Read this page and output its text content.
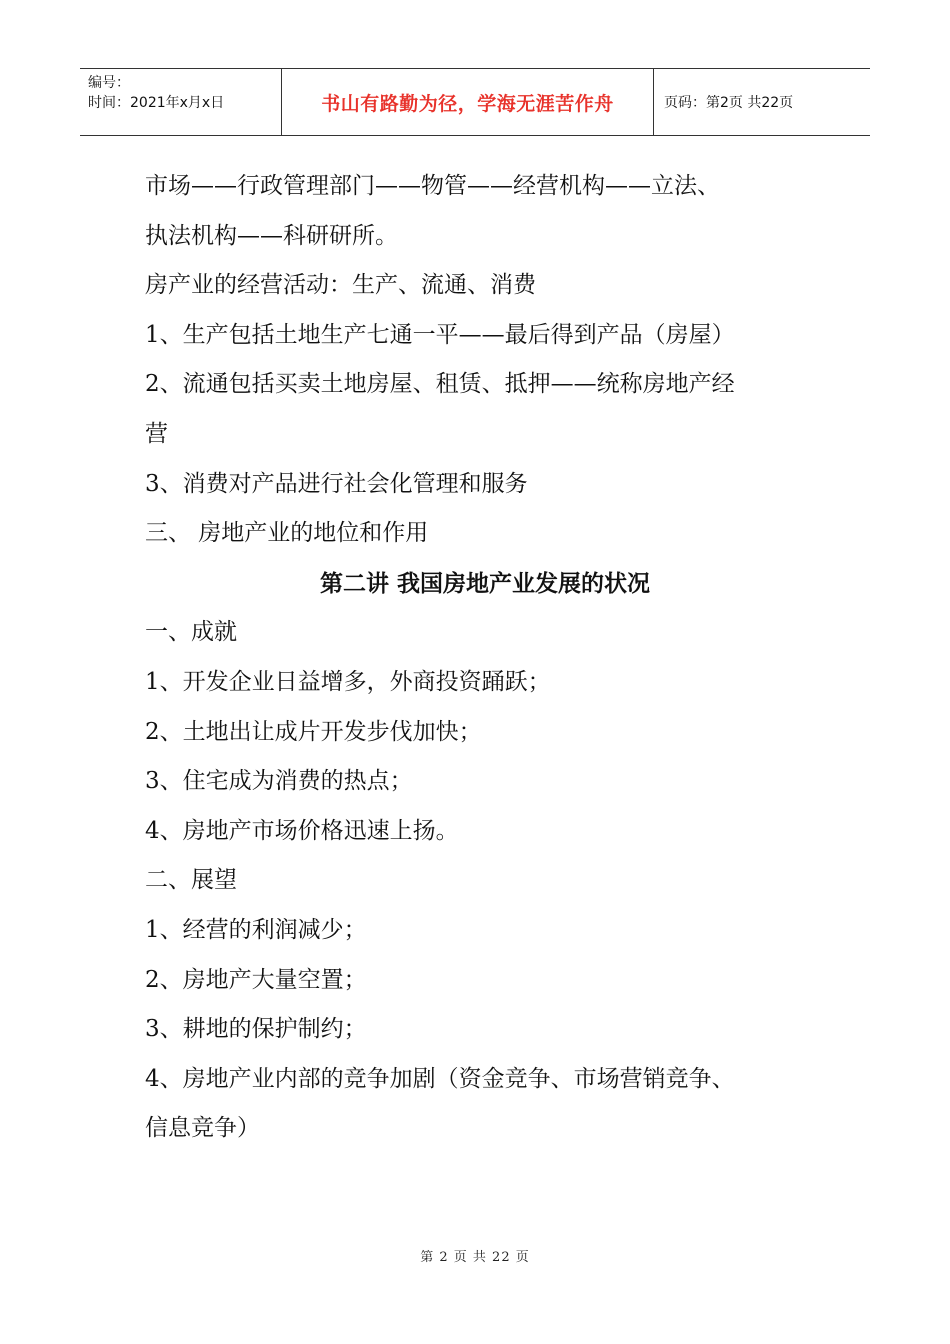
编号：
时间：2021年x月x日	书山有路勤为径，学海无涯苦作舟	页码：第2页 共22页
市场——行政管理部门——物管——经营机构——立法、
执法机构——科研研所。
房产业的经营活动：生产、流通、消费
1、生产包括土地生产七通一平——最后得到产品（房屋）
2、流通包括买卖土地房屋、租赁、抵押——统称房地产经
营
3、消费对产品进行社会化管理和服务
三、 房地产业的地位和作用
第二讲 我国房地产业发展的状况
一、成就
1、开发企业日益增多，外商投资踊跃；
2、土地出让成片开发步伐加快；
3、住宅成为消费的热点；
4、房地产市场价格迅速上扬。
二、展望
1、经营的利润减少；
2、房地产大量空置；
3、耕地的保护制约；
4、房地产业内部的竞争加剧（资金竞争、市场营销竞争、
信息竞争）
第 2 页 共 22 页
